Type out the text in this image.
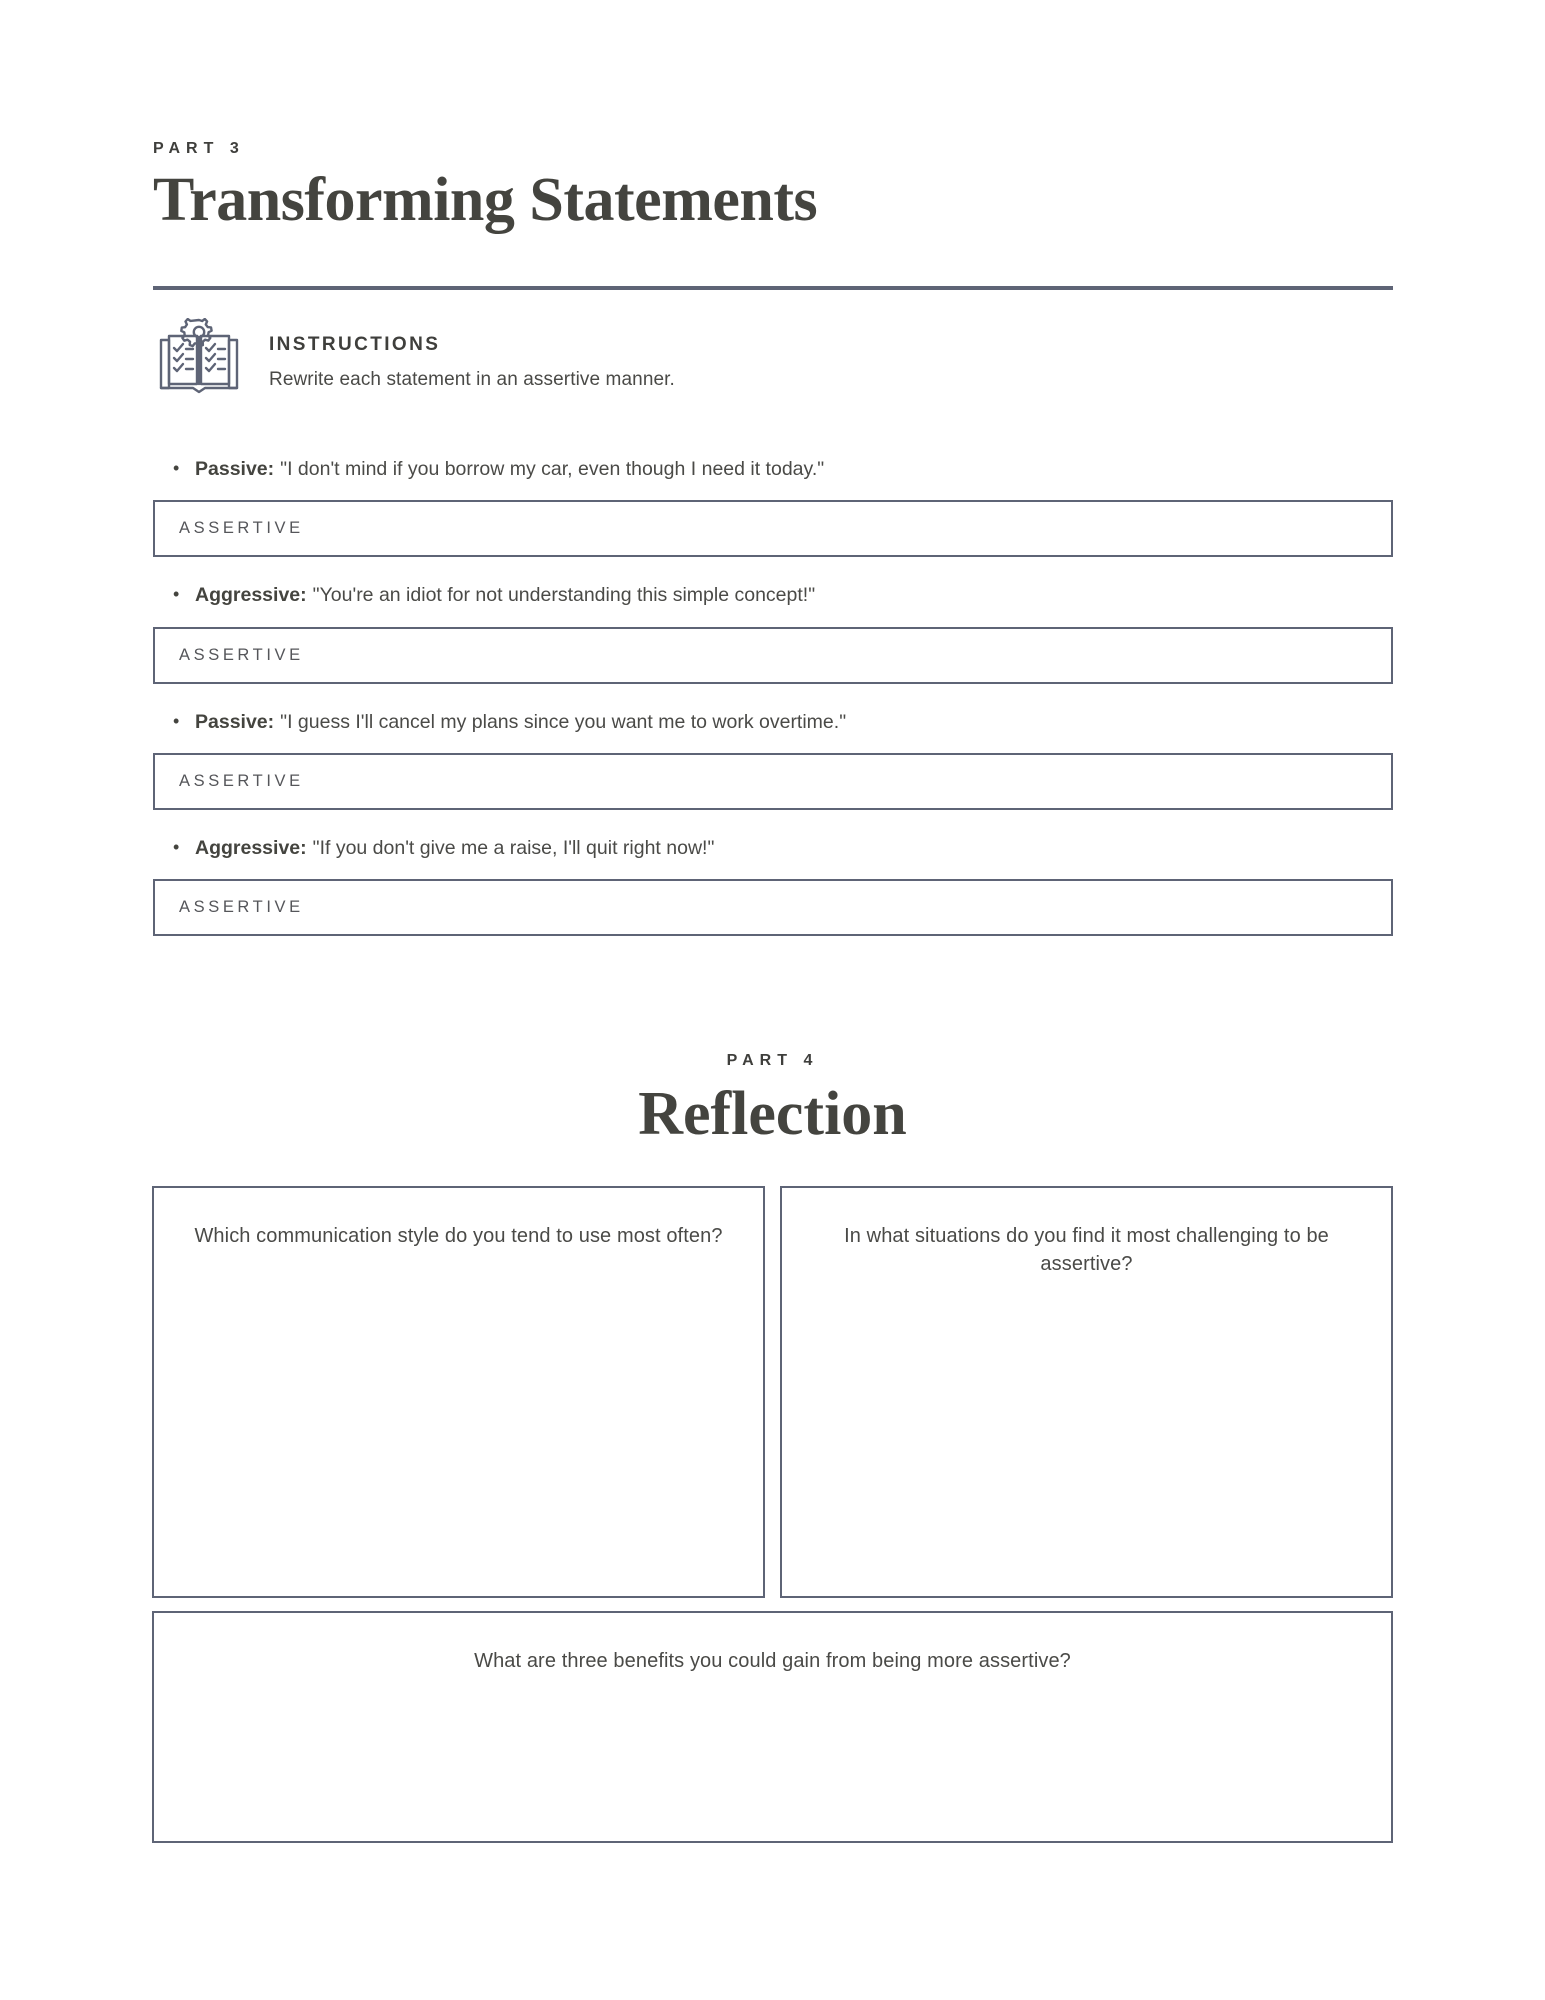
PART 3
Transforming Statements
INSTRUCTIONS
Rewrite each statement in an assertive manner.
• Passive: "I don't mind if you borrow my car, even though I need it today."
ASSERTIVE
• Aggressive: "You're an idiot for not understanding this simple concept!"
ASSERTIVE
• Passive: "I guess I'll cancel my plans since you want me to work overtime."
ASSERTIVE
• Aggressive: "If you don't give me a raise, I'll quit right now!"
ASSERTIVE
PART 4
Reflection
Which communication style do you tend to use most often?	In what situations do you find it most challenging to be assertive?
What are three benefits you could gain from being more assertive?
